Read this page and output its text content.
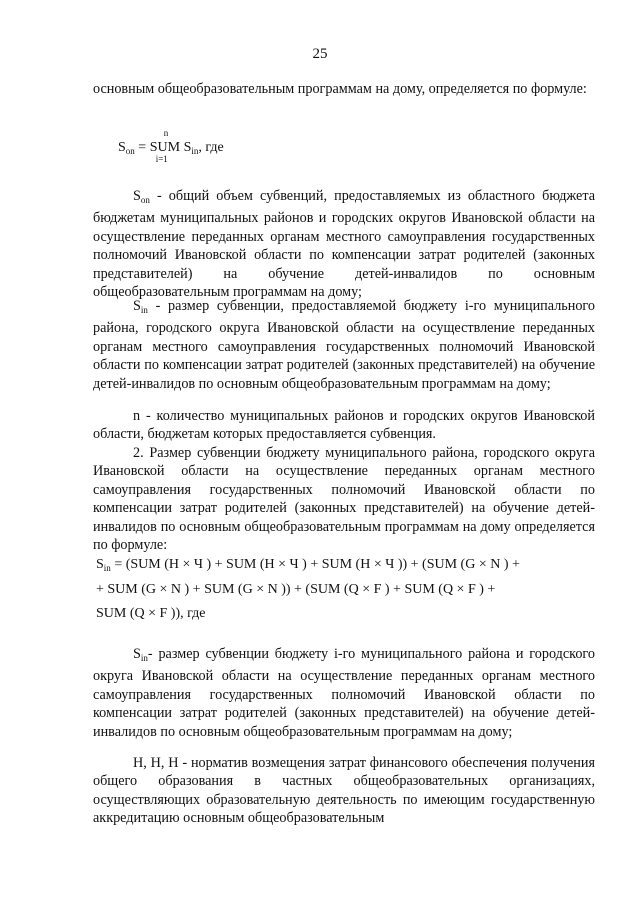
25

основным общеобразовательным программам на дому, определяется по формуле:

$S_{on}$ =
n
SUM
i=1
$S_{in}$, где

$S_{on}$ - общий объем субвенций, предоставляемых из областного бюджета бюджетам муниципальных районов и городских округов Ивановской области на осуществление переданных органам местного самоуправления государственных полномочий Ивановской области по компенсации затрат родителей (законных представителей) на обучение детей-инвалидов по основным общеобразовательным программам на дому;

$S_{in}$ - размер субвенции, предоставляемой бюджету i-го муниципального района, городского округа Ивановской области на осуществление переданных органам местного самоуправления государственных полномочий Ивановской области по компенсации затрат родителей (законных представителей) на обучение детей-инвалидов по основным общеобразовательным программам на дому;

n - количество муниципальных районов и городских округов Ивановской области, бюджетам которых предоставляется субвенция.

2. Размер субвенции бюджету муниципального района, городского округа Ивановской области на осуществление переданных органам местного самоуправления государственных полномочий Ивановской области по компенсации затрат родителей (законных представителей) на обучение детей-инвалидов по основным общеобразовательным программам на дому определяется по формуле:

$S_{in} = (SUM$ (H × Ч ) + SUM (H × Ч ) + SUM (H × Ч )) + (SUM (G × N ) +
+ SUM (G × N ) + SUM (G × N )) + (SUM (Q × F ) + SUM (Q × F ) +
SUM (Q × F )), где

$S_{in}-$ размер субвенции бюджету i-го муниципального района и городского округа Ивановской области на осуществление переданных органам местного самоуправления государственных полномочий Ивановской области по компенсации затрат родителей (законных представителей) на обучение детей-инвалидов по основным общеобразовательным программам на дому;

H, H, H - норматив возмещения затрат финансового обеспечения получения общего образования в частных общеобразовательных организациях, осуществляющих образовательную деятельность по имеющим государственную аккредитацию основным общеобразовательным
